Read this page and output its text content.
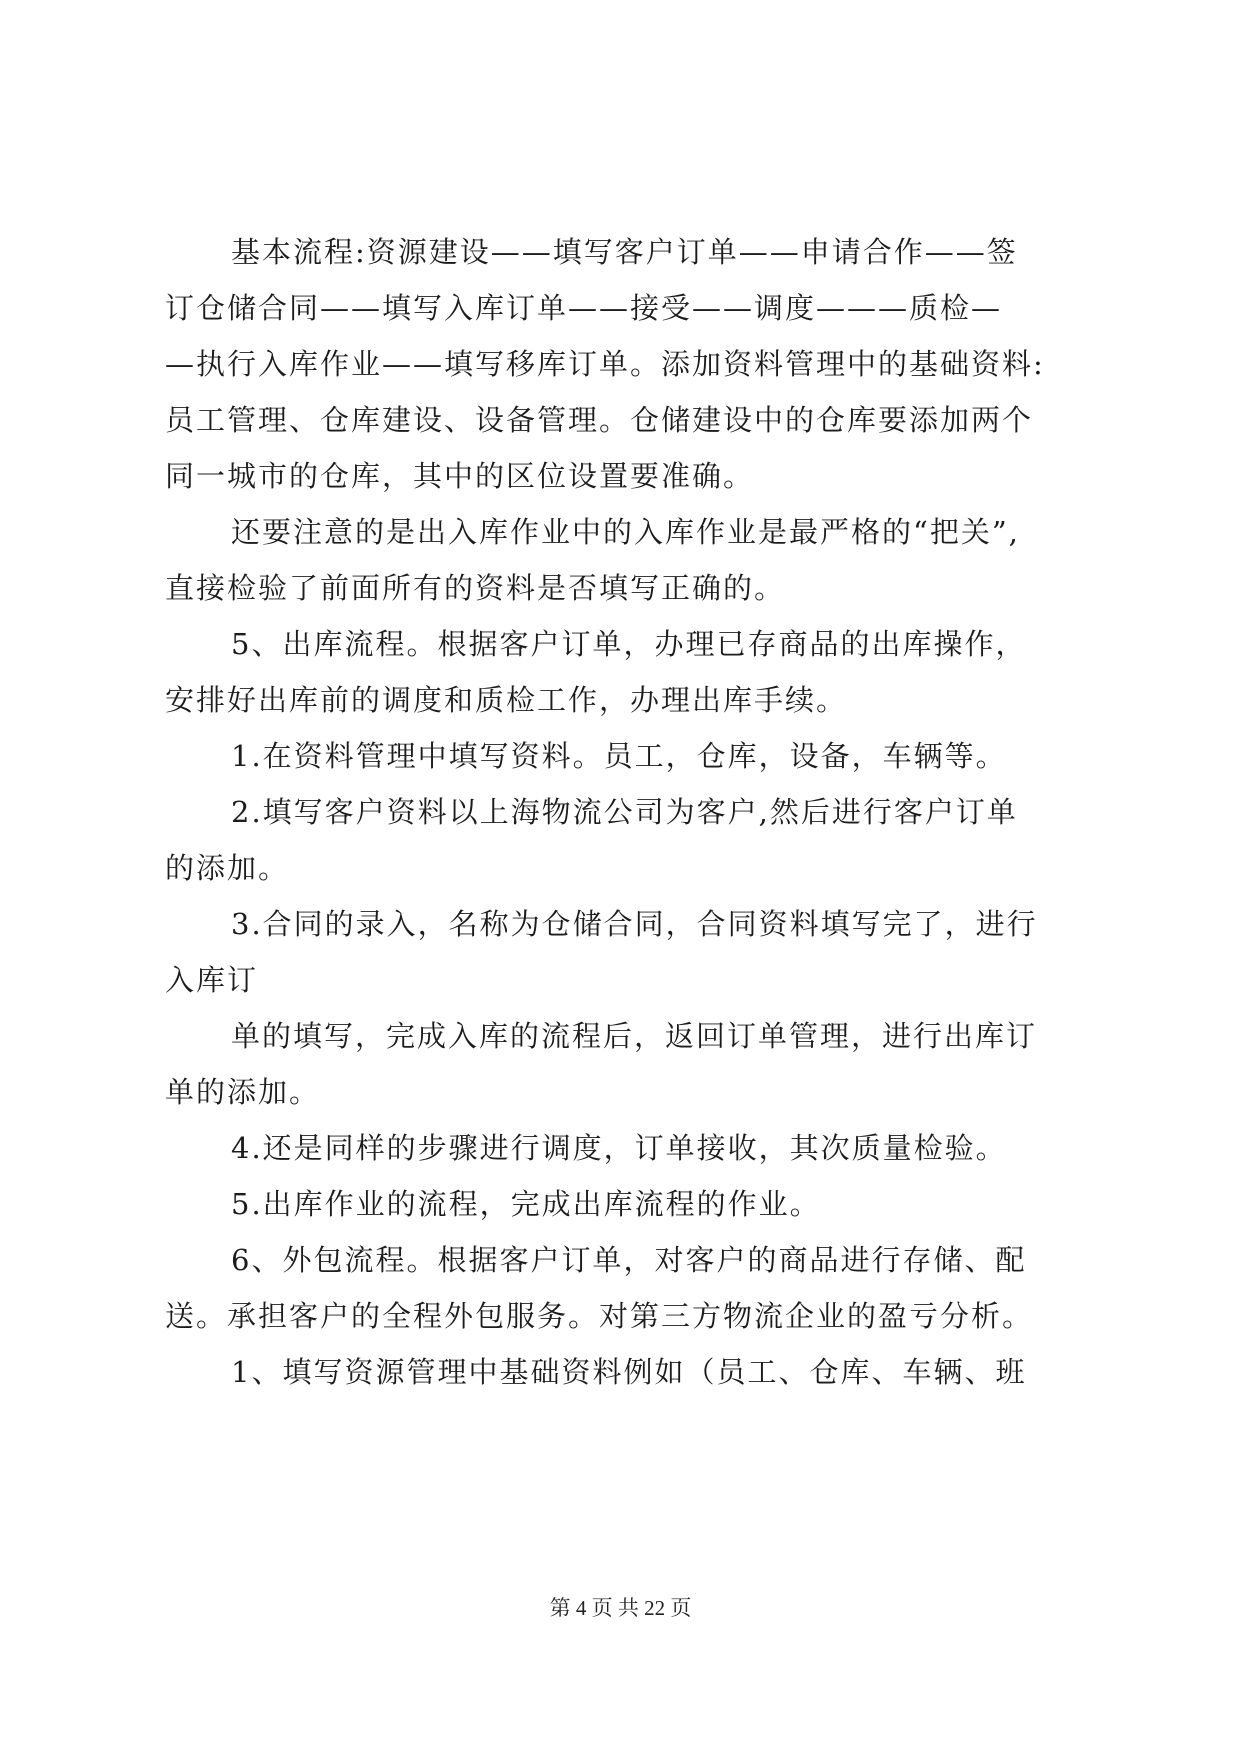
基本流程:资源建设——填写客户订单——申请合作——签
订仓储合同——填写入库订单——接受——调度———质检—
—执行入库作业——填写移库订单。添加资料管理中的基础资料:
员工管理、仓库建设、设备管理。仓储建设中的仓库要添加两个
同一城市的仓库，其中的区位设置要准确。
还要注意的是出入库作业中的入库作业是最严格的“把关”,
直接检验了前面所有的资料是否填写正确的。
5、出库流程。根据客户订单，办理已存商品的出库操作，
安排好出库前的调度和质检工作，办理出库手续。
1.在资料管理中填写资料。员工，仓库，设备，车辆等。
2.填写客户资料以上海物流公司为客户,然后进行客户订单
的添加。
3.合同的录入，名称为仓储合同，合同资料填写完了，进行
入库订
单的填写，完成入库的流程后，返回订单管理，进行出库订
单的添加。
4.还是同样的步骤进行调度，订单接收，其次质量检验。
5.出库作业的流程，完成出库流程的作业。
6、外包流程。根据客户订单，对客户的商品进行存储、配
送。承担客户的全程外包服务。对第三方物流企业的盈亏分析。
1、填写资源管理中基础资料例如（员工、仓库、车辆、班
第 4 页 共 22 页
